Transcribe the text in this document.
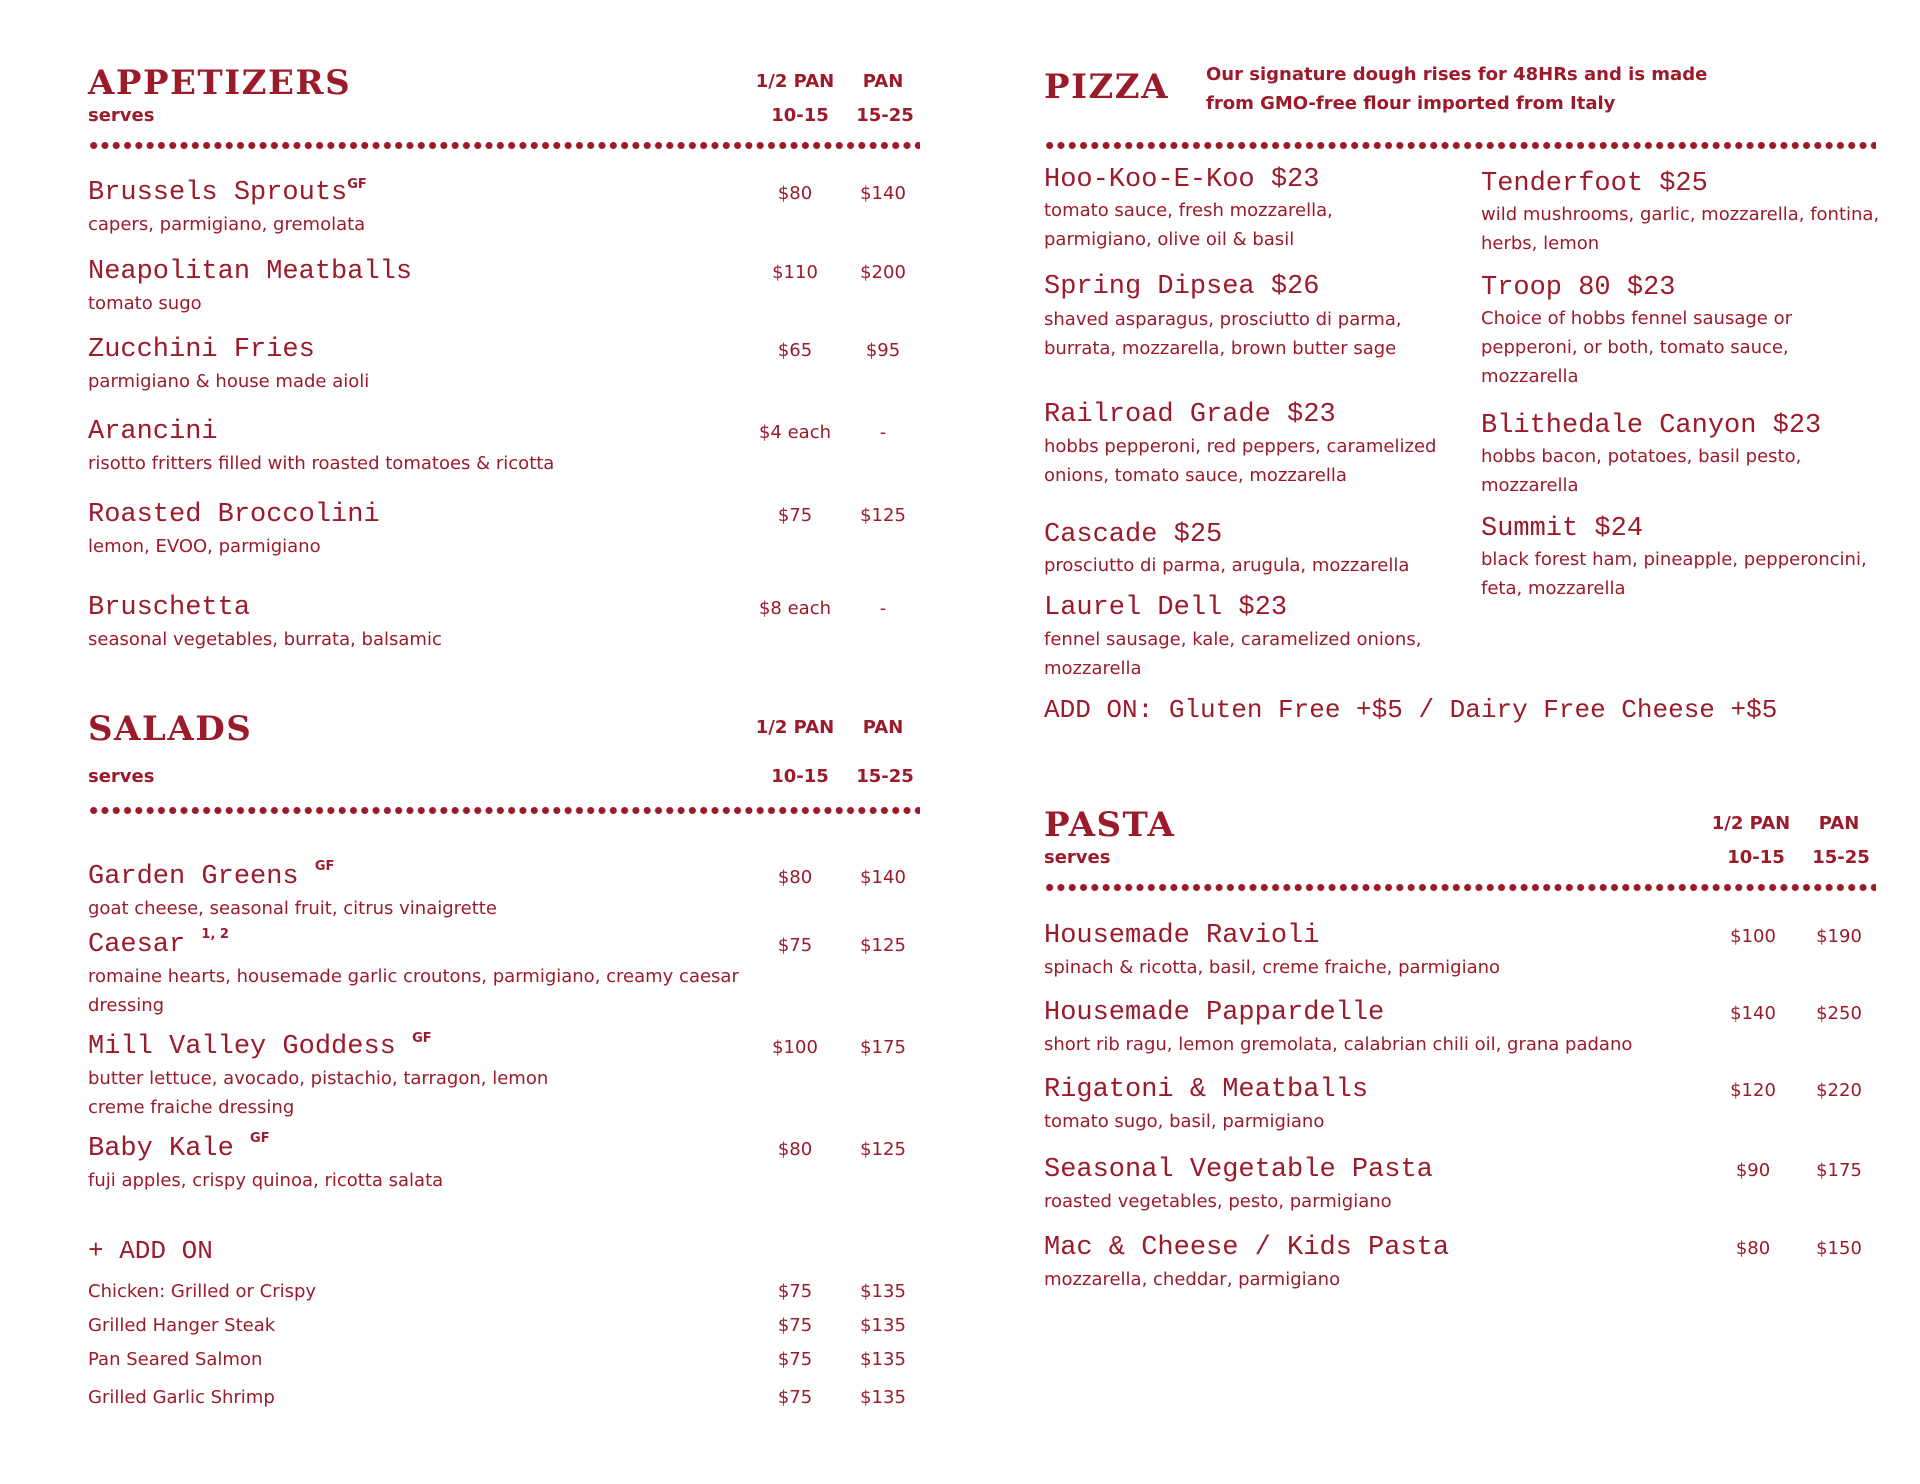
APPETIZERS
serves
1/2 PAN	PAN
10-15	15-25
Brussels Sprouts$^{GF}$
capers, parmigiano, gremolata
$80	$140
Neapolitan Meatballs
tomato sugo
$110	$200
Zucchini Fries
parmigiano & house made aioli
$65	$95
Arancini
risotto fritters filled with roasted tomatoes & ricotta
$4 each	-
Roasted Broccolini
lemon, EVOO, parmigiano
$75	$125
Bruschetta
seasonal vegetables, burrata, balsamic
$8 each	-
SALADS
serves
1/2 PAN	PAN
10-15	15-25
Garden Greens $^{GF}$
goat cheese, seasonal fruit, citrus vinaigrette
$80	$140
Caesar $^{1, 2}$
romaine hearts, housemade garlic croutons, parmigiano, creamy caesar dressing
$75	$125
Mill Valley Goddess $^{GF}$
butter lettuce, avocado, pistachio, tarragon, lemon creme fraiche dressing
$100	$175
Baby Kale $^{GF}$
fuji apples, crispy quinoa, ricotta salata
$80	$125
+ ADD ON
Chicken: Grilled or Crispy	$75	$135
Grilled Hanger Steak	$75	$135
Pan Seared Salmon	$75	$135
Grilled Garlic Shrimp	$75	$135
PIZZA Our signature dough rises for 48HRs and is made from GMO-free flour imported from Italy
Hoo-Koo-E-Koo $23
tomato sauce, fresh mozzarella, parmigiano, olive oil & basil
Spring Dipsea $26
shaved asparagus, prosciutto di parma, burrata, mozzarella, brown butter sage
Railroad Grade $23
hobbs pepperoni, red peppers, caramelized onions, tomato sauce, mozzarella
Cascade $25
prosciutto di parma, arugula, mozzarella
Laurel Dell $23
fennel sausage, kale, caramelized onions, mozzarella
Tenderfoot $25
wild mushrooms, garlic, mozzarella, fontina, herbs, lemon
Troop 80 $23
Choice of hobbs fennel sausage or pepperoni, or both, tomato sauce, mozzarella
Blithedale Canyon $23
hobbs bacon, potatoes, basil pesto, mozzarella
Summit $24
black forest ham, pineapple, pepperoncini, feta, mozzarella
ADD ON: Gluten Free +$5 / Dairy Free Cheese +$5
PASTA
serves
1/2 PAN	PAN
10-15	15-25
Housemade Ravioli
spinach & ricotta, basil, creme fraiche, parmigiano
$100	$190
Housemade Pappardelle
short rib ragu, lemon gremolata, calabrian chili oil, grana padano
$140	$250
Rigatoni & Meatballs
tomato sugo, basil, parmigiano
$120	$220
Seasonal Vegetable Pasta
roasted vegetables, pesto, parmigiano
$90	$175
Mac & Cheese / Kids Pasta
mozzarella, cheddar, parmigiano
$80	$150
